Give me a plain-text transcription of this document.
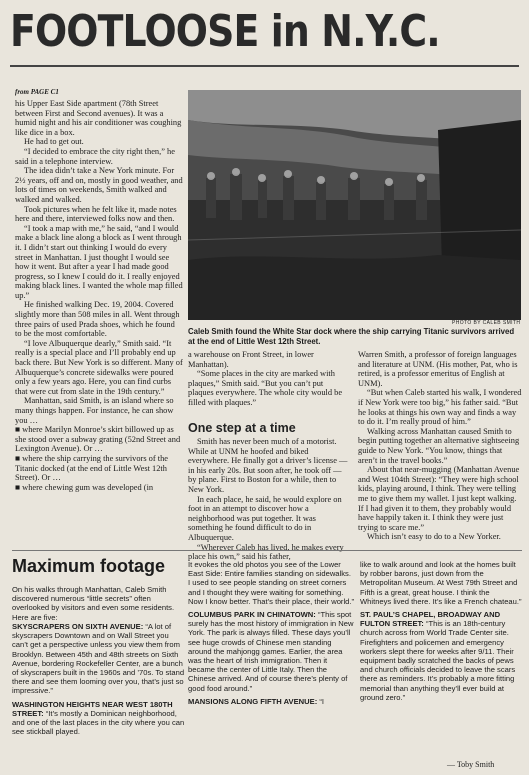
FOOTLOOSE in N.Y.C.
from PAGE C1

his Upper East Side apartment (78th Street between First and Second avenues). It was a humid night and his air conditioner was coughing like dice in a box.

He had to get out.

“I decided to embrace the city right then,” he said in a telephone interview.

The idea didn’t take a New York minute. For 2½ years, off and on, mostly in good weather, and lots of times on weekends, Smith walked and walked and walked.

Took pictures when he felt like it, made notes here and there, interviewed folks now and then.

“I took a map with me,” he said, “and I would make a black line along a block as I went through it. I didn’t start out thinking I would do every street in Manhattan. I just thought I would see how it went. But after a year I had made good progress, so I knew I could do it. I really enjoyed making black lines. I wanted the whole map filled up.”

He finished walking Dec. 19, 2004. Covered slightly more than 508 miles in all. Went through three pairs of used Prada shoes, which he found to be the most comfortable.

“I love Albuquerque dearly,” Smith said. “It really is a special place and I’ll probably end up back there. But New York is so different. Many of Albuquerque’s concrete sidewalks were poured only a few years ago. Here, you can find curbs that were cut from slate in the 19th century.”

Manhattan, said Smith, is an island where so many things happen. For instance, he can show you …

■ where Marilyn Monroe’s skirt billowed up as she stood over a subway grating (52nd Street and Lexington Avenue). Or …

■ where the ship carrying the survivors of the Titanic docked (at the end of Little West 12th Street). Or …

■ where chewing gum was developed (in

PHOTO BY CALEB SMITH
Caleb Smith found the White Star dock where the ship carrying Titanic survivors arrived at the end of Little West 12th Street.

a warehouse on Front Street, in lower Manhattan).

“Some places in the city are marked with plaques,” Smith said. “But you can’t put plaques everywhere. The whole city would be filled with plaques.”

One step at a time

Smith has never been much of a motorist. While at UNM he hoofed and biked everywhere. He finally got a driver’s license — in his early 20s. But soon after, he took off — by plane. First to Boston for a while, then to New York.

In each place, he said, he would explore on foot in an attempt to discover how a neighborhood was put together. It was something he found difficult to do in Albuquerque.

“Wherever Caleb has lived, he makes every place his own,” said his father,

Warren Smith, a professor of foreign languages and literature at UNM. (His mother, Pat, who is retired, is a professor emeritus of English at UNM).

“But when Caleb started his walk, I wondered if New York were too big,” his father said. “But he looks at things his own way and finds a way to do it. I’m really proud of him.”

Walking across Manhattan caused Smith to begin putting together an alternative sightseeing guide to New York. “You know, things that aren’t in the travel books.”

About that near-mugging (Manhattan Avenue and West 104th Street): “They were high school kids, playing around, I think. They were telling me to give them my wallet. I just kept walking. If I had given it to them, they probably would have happily taken it. I think they were just trying to scare me.”

Which isn’t easy to do to a New Yorker.

Maximum footage
On his walks through Manhattan, Caleb Smith discovered numerous “little secrets” often overlooked by visitors and even some residents. Here are five:
SKYSCRAPERS ON SIXTH AVENUE: “A lot of skyscrapers Downtown and on Wall Street you can’t get a perspective unless you view them from Brooklyn. Between 45th and 48th streets on Sixth Avenue, bordering Rockefeller Center, are a bunch of skyscrapers built in the 1960s and ’70s. To stand there and see them looming over you, that’s just so impressive.”
WASHINGTON HEIGHTS NEAR WEST 180TH STREET: “It’s mostly a Dominican neighborhood, and one of the last places in the city where you can see stickball played.
It evokes the old photos you see of the Lower East Side: Entire families standing on sidewalks. I used to see people standing on street corners and I thought they were waiting for something. Now I know better. That’s their place, their world.”
COLUMBUS PARK IN CHINATOWN: “This spot surely has the most history of immigration in New York. The park is always filled. These days you’ll see huge crowds of Chinese men standing around the mahjongg games. Earlier, the area was the heart of Irish immigration. Then it became the center of Little Italy. Then the Chinese arrived. And of course there’s plenty of good food around.”
MANSIONS ALONG FIFTH AVENUE: “I
like to walk around and look at the homes built by robber barons, just down from the Metropolitan Museum. At West 79th Street and Fifth is a great, great house. I think the Whitneys lived there. It’s like a French chateau.”
ST. PAUL’S CHAPEL, BROADWAY AND FULTON STREET: “This is an 18th-century church across from World Trade Center site. Firefighters and policemen and emergency workers slept there for weeks after 9/11. Their equipment badly scratched the backs of pews and church officials decided to leave the scars there as reminders. It’s probably a more fitting memorial than anything they’ll ever build at ground zero.”
— Toby Smith
